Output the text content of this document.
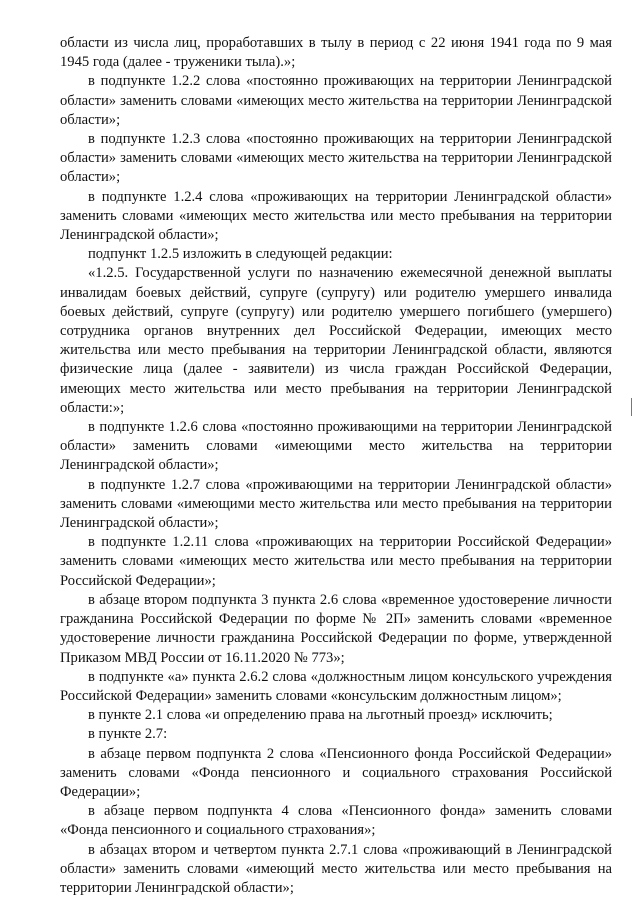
области из числа лиц, проработавших в тылу в период с 22 июня 1941 года по 9 мая 1945 года (далее - труженики тыла).»;

в подпункте 1.2.2 слова «постоянно проживающих на территории Ленинградской области» заменить словами «имеющих место жительства на территории Ленинградской области»;

в подпункте 1.2.3 слова «постоянно проживающих на территории Ленинградской области» заменить словами «имеющих место жительства на территории Ленинградской области»;

в подпункте 1.2.4 слова «проживающих на территории Ленинградской области» заменить словами «имеющих место жительства или место пребывания на территории Ленинградской области»;

подпункт 1.2.5 изложить в следующей редакции:

«1.2.5. Государственной услуги по назначению ежемесячной денежной выплаты инвалидам боевых действий, супруге (супругу) или родителю умершего инвалида боевых действий, супруге (супругу) или родителю умершего погибшего (умершего) сотрудника органов внутренних дел Российской Федерации, имеющих место жительства или место пребывания на территории Ленинградской области, являются физические лица (далее - заявители) из числа граждан Российской Федерации, имеющих место жительства или место пребывания на территории Ленинградской области:»;

в подпункте 1.2.6 слова «постоянно проживающими на территории Ленинградской области» заменить словами «имеющими место жительства на территории Ленинградской области»;

в подпункте 1.2.7 слова «проживающими на территории Ленинградской области» заменить словами «имеющими место жительства или место пребывания на территории Ленинградской области»;

в подпункте 1.2.11 слова «проживающих на территории Российской Федерации» заменить словами «имеющих место жительства или место пребывания на территории Российской Федерации»;

в абзаце втором подпункта 3 пункта 2.6 слова «временное удостоверение личности гражданина Российской Федерации по форме № 2П» заменить словами «временное удостоверение личности гражданина Российской Федерации по форме, утвержденной Приказом МВД России от 16.11.2020 № 773»;

в подпункте «а» пункта 2.6.2 слова «должностным лицом консульского учреждения Российской Федерации» заменить словами «консульским должностным лицом»;

в пункте 2.1 слова «и определению права на льготный проезд» исключить;

в пункте 2.7:

в абзаце первом подпункта 2 слова «Пенсионного фонда Российской Федерации» заменить словами «Фонда пенсионного и социального страхования Российской Федерации»;

в абзаце первом подпункта 4 слова «Пенсионного фонда» заменить словами «Фонда пенсионного и социального страхования»;

в абзацах втором и четвертом пункта 2.7.1 слова «проживающий в Ленинградской области» заменить словами «имеющий место жительства или место пребывания на территории Ленинградской области»;
